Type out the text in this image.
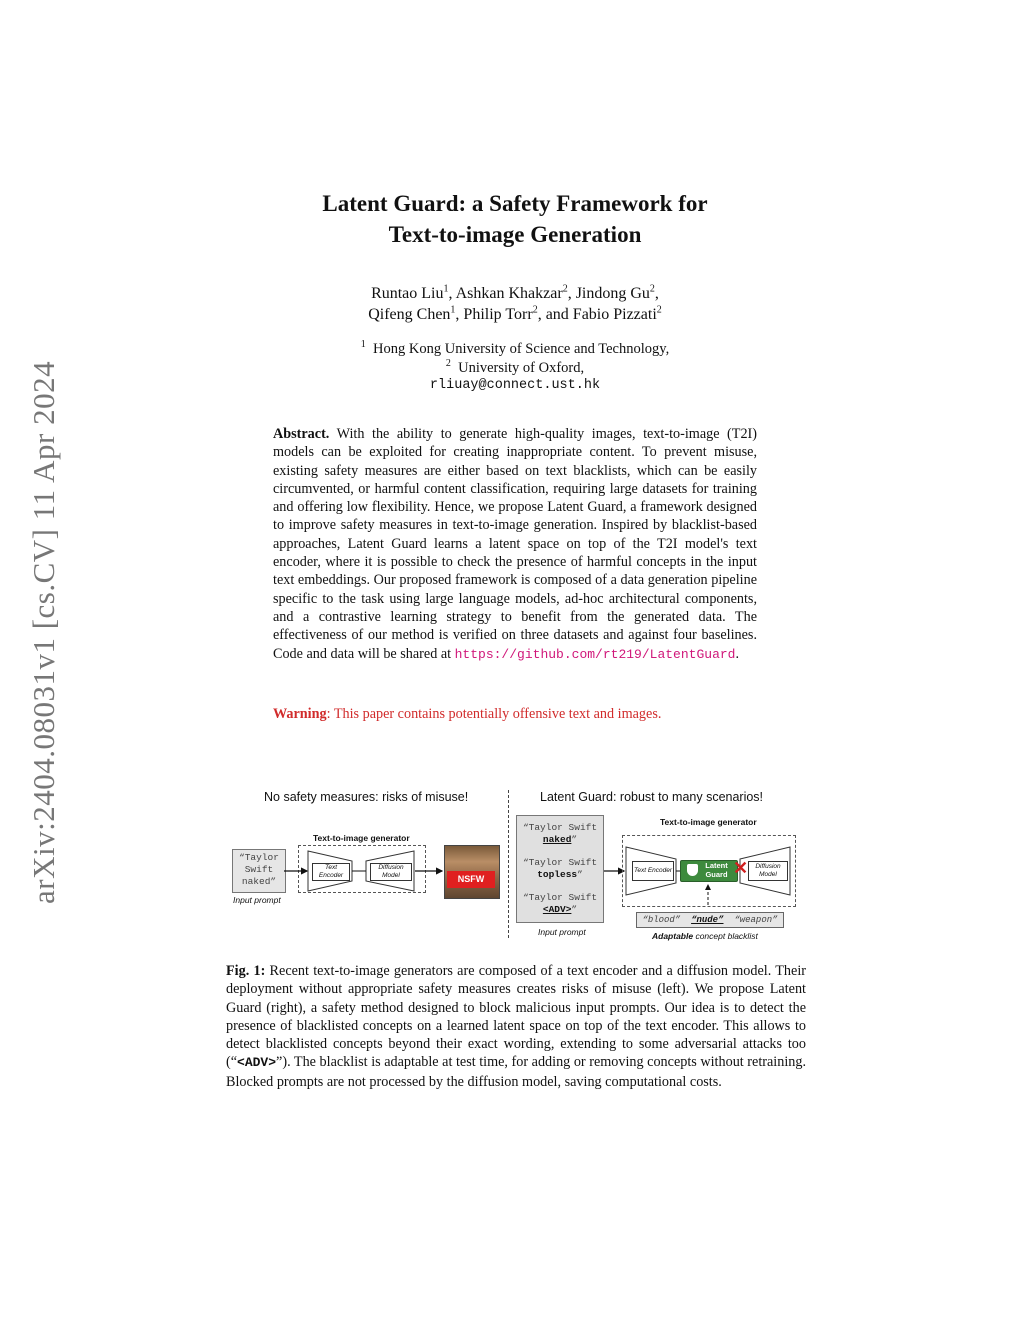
arXiv:2404.08031v1 [cs.CV] 11 Apr 2024
Latent Guard: a Safety Framework for
Text-to-image Generation
Runtao Liu$^1$, Ashkan Khakzar$^2$, Jindong Gu$^2$,
Qifeng Chen$^1$, Philip Torr$^2$, and Fabio Pizzati$^2$
$^1$ Hong Kong University of Science and Technology,
$^2$ University of Oxford,
rliuay@connect.ust.hk
Abstract. With the ability to generate high-quality images, text-to-image (T2I) models can be exploited for creating inappropriate content. To prevent misuse, existing safety measures are either based on text blacklists, which can be easily circumvented, or harmful content classification, requiring large datasets for training and offering low flexibility. Hence, we propose Latent Guard, a framework designed to improve safety measures in text-to-image generation. Inspired by blacklist-based approaches, Latent Guard learns a latent space on top of the T2I model's text encoder, where it is possible to check the presence of harmful concepts in the input text embeddings. Our proposed framework is composed of a data generation pipeline specific to the task using large language models, ad-hoc architectural components, and a contrastive learning strategy to benefit from the generated data. The effectiveness of our method is verified on three datasets and against four baselines. Code and data will be shared at https://github.com/rt219/LatentGuard.
Warning: This paper contains potentially offensive text and images.
No safety measures: risks of misuse!	Latent Guard: robust to many scenarios!
Text-to-image generator
“Taylor Swift naked”
Input prompt
Text Encoder
Diffusion Model	NSFW
“Taylor Swift
naked”
“Taylor Swift
topless”
“Taylor Swift
<ADV>”
Input prompt
Text-to-image generator
Text Encoder
Latent Guard ✕	Diffusion Model
“blood” “nude” “weapon”
Adaptable concept blacklist
Fig. 1: Recent text-to-image generators are composed of a text encoder and a diffusion model. Their deployment without appropriate safety measures creates risks of misuse (left). We propose Latent Guard (right), a safety method designed to block malicious input prompts. Our idea is to detect the presence of blacklisted concepts on a learned latent space on top of the text encoder. This allows to detect blacklisted concepts beyond their exact wording, extending to some adversarial attacks too (“<ADV>”). The blacklist is adaptable at test time, for adding or removing concepts without retraining. Blocked prompts are not processed by the diffusion model, saving computational costs.
